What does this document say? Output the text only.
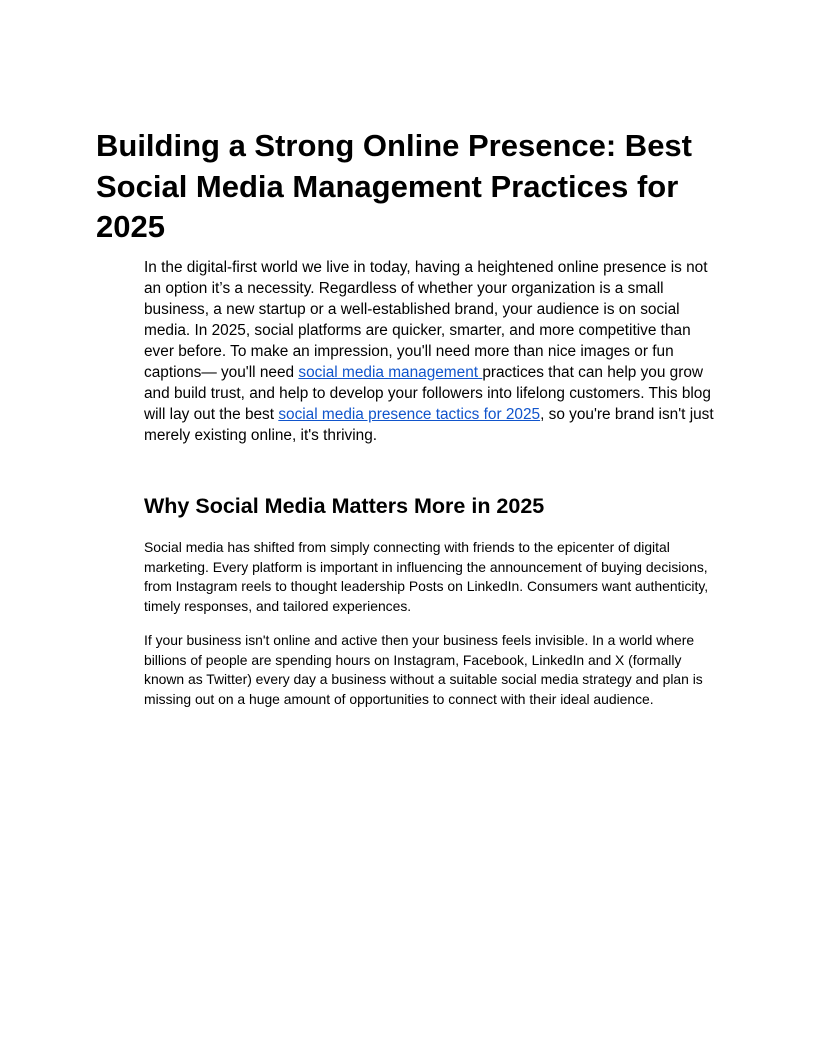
Building a Strong Online Presence: Best Social Media Management Practices for 2025

In the digital-first world we live in today, having a heightened online presence is not an option it’s a necessity. Regardless of whether your organization is a small business, a new startup or a well-established brand, your audience is on social media. In 2025, social platforms are quicker, smarter, and more competitive than ever before. To make an impression, you'll need more than nice images or fun captions— you'll need social media management practices that can help you grow and build trust, and help to develop your followers into lifelong customers. This blog will lay out the best social media presence tactics for 2025, so you're brand isn't just merely existing online, it's thriving.

Why Social Media Matters More in 2025

Social media has shifted from simply connecting with friends to the epicenter of digital marketing. Every platform is important in influencing the announcement of buying decisions, from Instagram reels to thought leadership Posts on LinkedIn. Consumers want authenticity, timely responses, and tailored experiences.

If your business isn't online and active then your business feels invisible. In a world where billions of people are spending hours on Instagram, Facebook, LinkedIn and X (formally known as Twitter) every day a business without a suitable social media strategy and plan is missing out on a huge amount of opportunities to connect with their ideal audience.
